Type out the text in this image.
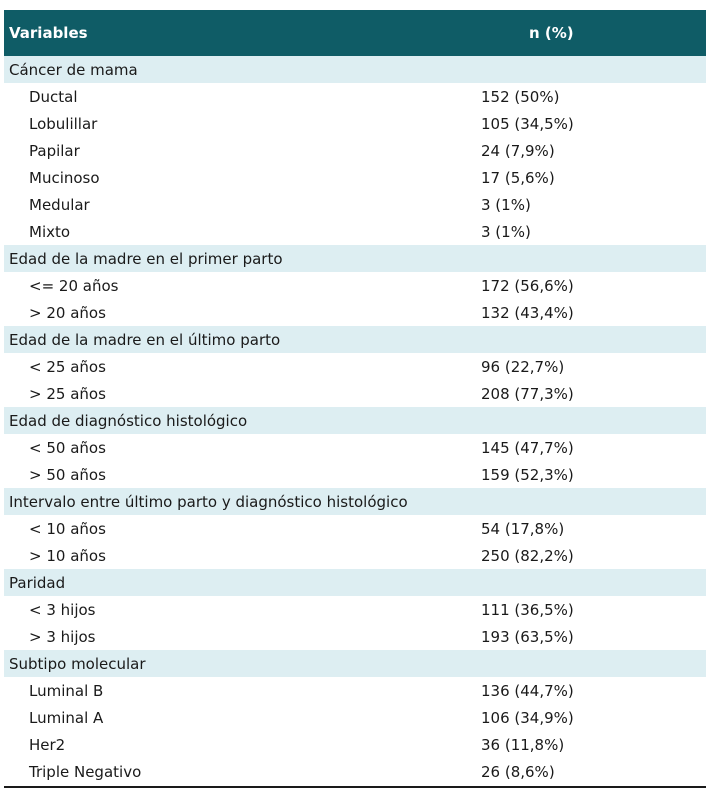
Variables	n (%)
Cáncer de mama
Ductal	152 (50%)
Lobulillar	105 (34,5%)
Papilar	24 (7,9%)
Mucinoso	17 (5,6%)
Medular	3 (1%)
Mixto	3 (1%)
Edad de la madre en el primer parto
<= 20 años	172 (56,6%)
> 20 años	132 (43,4%)
Edad de la madre en el último parto
< 25 años	96 (22,7%)
> 25 años	208 (77,3%)
Edad de diagnóstico histológico
< 50 años	145 (47,7%)
> 50 años	159 (52,3%)
Intervalo entre último parto y diagnóstico histológico
< 10 años	54 (17,8%)
> 10 años	250 (82,2%)
Paridad
< 3 hijos	111 (36,5%)
> 3 hijos	193 (63,5%)
Subtipo molecular
Luminal B	136 (44,7%)
Luminal A	106 (34,9%)
Her2	36 (11,8%)
Triple Negativo	26 (8,6%)
